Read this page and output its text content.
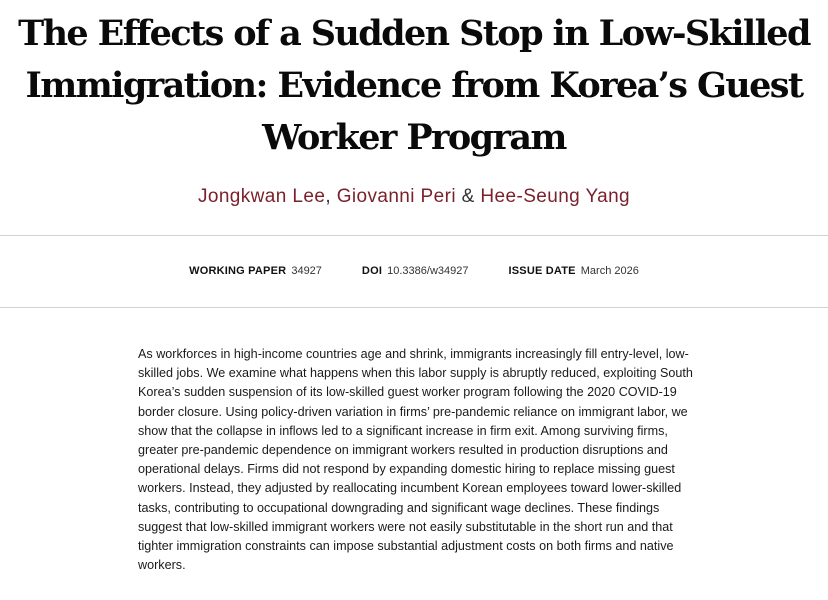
The Effects of a Sudden Stop in Low-Skilled Immigration: Evidence from Korea’s Guest Worker Program
Jongkwan Lee, Giovanni Peri & Hee-Seung Yang
WORKING PAPER 34927	DOI 10.3386/w34927	ISSUE DATE March 2026

As workforces in high-income countries age and shrink, immigrants increasingly fill entry-level, low-skilled jobs. We examine what happens when this labor supply is abruptly reduced, exploiting South Korea’s sudden suspension of its low-skilled guest worker program following the 2020 COVID-19 border closure. Using policy-driven variation in firms’ pre-pandemic reliance on immigrant labor, we show that the collapse in inflows led to a significant increase in firm exit. Among surviving firms, greater pre-pandemic dependence on immigrant workers resulted in production disruptions and operational delays. Firms did not respond by expanding domestic hiring to replace missing guest workers. Instead, they adjusted by reallocating incumbent Korean employees toward lower-skilled tasks, contributing to occupational downgrading and significant wage declines. These findings suggest that low-skilled immigrant workers were not easily substitutable in the short run and that tighter immigration constraints can impose substantial adjustment costs on both firms and native workers.
